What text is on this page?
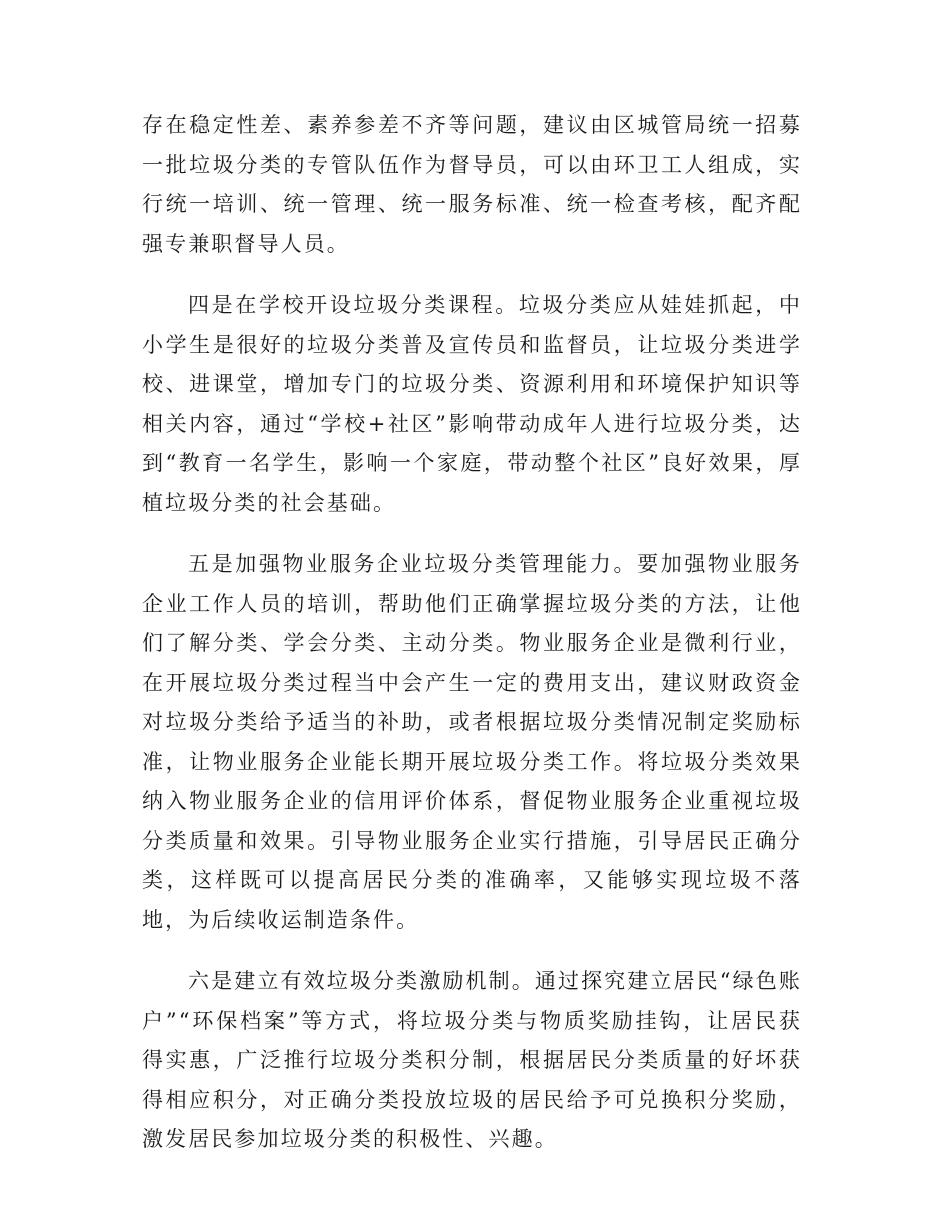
存在稳定性差、素养参差不齐等问题，建议由区城管局统一招募一批垃圾分类的专管队伍作为督导员，可以由环卫工人组成，实行统一培训、统一管理、统一服务标准、统一检查考核，配齐配强专兼职督导人员。

四是在学校开设垃圾分类课程。垃圾分类应从娃娃抓起，中小学生是很好的垃圾分类普及宣传员和监督员，让垃圾分类进学校、进课堂，增加专门的垃圾分类、资源利用和环境保护知识等相关内容，通过“学校+社区”影响带动成年人进行垃圾分类，达到“教育一名学生，影响一个家庭，带动整个社区”良好效果，厚植垃圾分类的社会基础。

五是加强物业服务企业垃圾分类管理能力。要加强物业服务企业工作人员的培训，帮助他们正确掌握垃圾分类的方法，让他们了解分类、学会分类、主动分类。物业服务企业是微利行业，在开展垃圾分类过程当中会产生一定的费用支出，建议财政资金对垃圾分类给予适当的补助，或者根据垃圾分类情况制定奖励标准，让物业服务企业能长期开展垃圾分类工作。将垃圾分类效果纳入物业服务企业的信用评价体系，督促物业服务企业重视垃圾分类质量和效果。引导物业服务企业实行措施，引导居民正确分类，这样既可以提高居民分类的准确率，又能够实现垃圾不落地，为后续收运制造条件。

六是建立有效垃圾分类激励机制。通过探究建立居民“绿色账户”“环保档案”等方式，将垃圾分类与物质奖励挂钩，让居民获得实惠，广泛推行垃圾分类积分制，根据居民分类质量的好坏获得相应积分，对正确分类投放垃圾的居民给予可兑换积分奖励，激发居民参加垃圾分类的积极性、兴趣。
